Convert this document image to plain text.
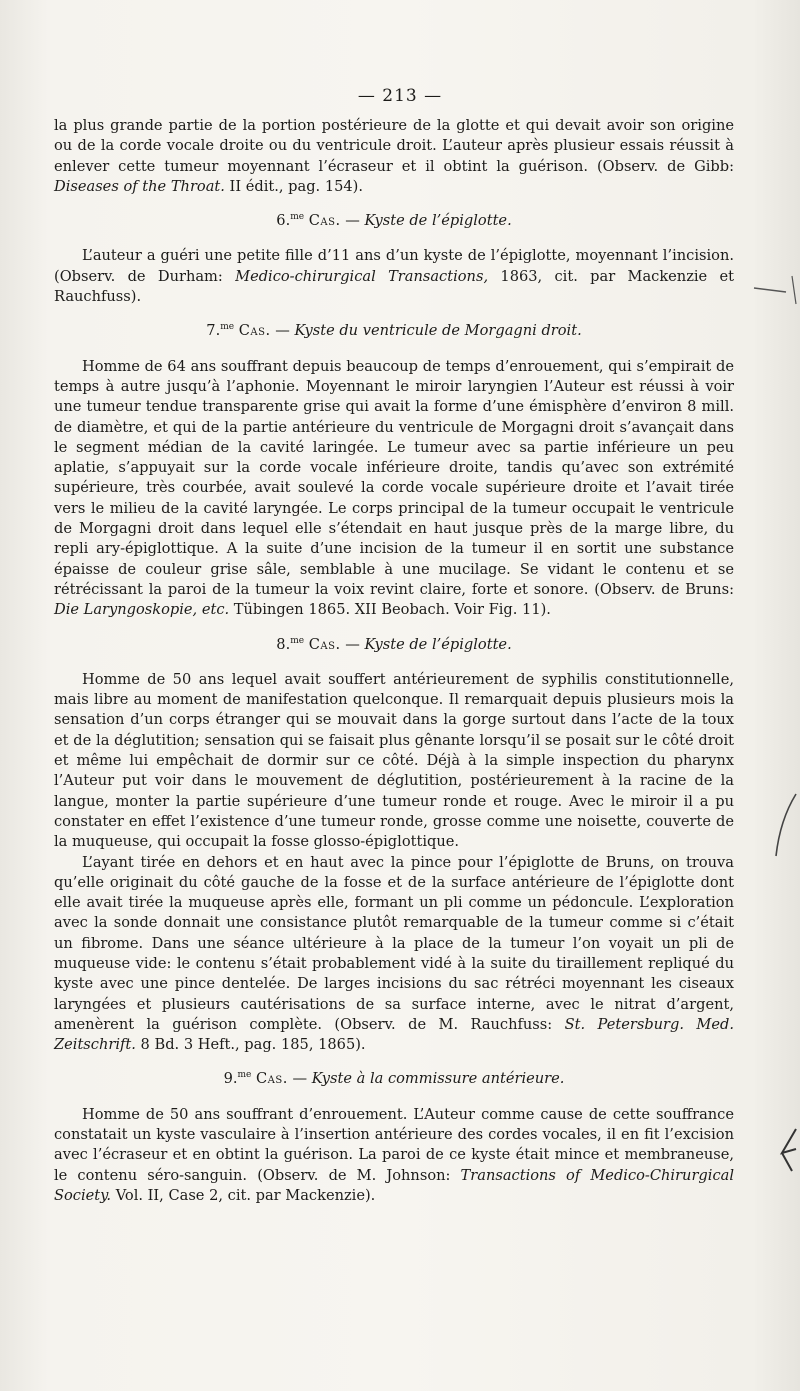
— 213 —

la plus grande partie de la portion postérieure de la glotte et qui devait avoir son origine ou de la corde vocale droite ou du ventricule droit. L’auteur après plusieur essais réussit à enlever cette tumeur moyennant l’écraseur et il obtint la guérison. (Observ. de Gibb: Diseases of the Throat. II édit., pag. 154).

6.$^{me}$ Cas. — Kyste de l’épiglotte.

L’auteur a guéri une petite fille d’11 ans d’un kyste de l’épiglotte, moyennant l’incision. (Observ. de Durham: Medico-chirurgical Transactions, 1863, cit. par Mackenzie et Rauchfuss).

7.$^{me}$ Cas. — Kyste du ventricule de Morgagni droit.

Homme de 64 ans souffrant depuis beaucoup de temps d’enrouement, qui s’empirait de temps à autre jusqu’à l’aphonie. Moyennant le miroir laryngien l’Auteur est réussi à voir une tumeur tendue transparente grise qui avait la forme d’une émisphère d’environ 8 mill. de diamètre, et qui de la partie antérieure du ventricule de Morgagni droit s’avançait dans le segment médian de la cavité laringée. Le tumeur avec sa partie inférieure un peu aplatie, s’appuyait sur la corde vocale inférieure droite, tandis qu’avec son extrémité supérieure, très courbée, avait soulevé la corde vocale supérieure droite et l’avait tirée vers le milieu de la cavité laryngée. Le corps principal de la tumeur occupait le ventricule de Morgagni droit dans lequel elle s’étendait en haut jusque près de la marge libre, du repli ary-épiglottique. A la suite d’une incision de la tumeur il en sortit une substance épaisse de couleur grise sâle, semblable à une mucilage. Se vidant le contenu et se rétrécissant la paroi de la tumeur la voix revint claire, forte et sonore. (Observ. de Bruns: Die Laryngoskopie, etc. Tübingen 1865. XII Beobach. Voir Fig. 11).

8.$^{me}$ Cas. — Kyste de l’épiglotte.

Homme de 50 ans lequel avait souffert antérieurement de syphilis constitutionnelle, mais libre au moment de manifestation quelconque. Il remarquait depuis plusieurs mois la sensation d’un corps étranger qui se mouvait dans la gorge surtout dans l’acte de la toux et de la déglutition; sensation qui se faisait plus gênante lorsqu’il se posait sur le côté droit et même lui empêchait de dormir sur ce côté. Déjà à la simple inspection du pharynx l’Auteur put voir dans le mouvement de déglutition, postérieurement à la racine de la langue, monter la partie supérieure d’une tumeur ronde et rouge. Avec le miroir il a pu constater en effet l’existence d’une tumeur ronde, grosse comme une noisette, couverte de la muqueuse, qui occupait la fosse glosso-épiglottique.

L’ayant tirée en dehors et en haut avec la pince pour l’épiglotte de Bruns, on trouva qu’elle originait du côté gauche de la fosse et de la surface antérieure de l’épiglotte dont elle avait tirée la muqueuse après elle, formant un pli comme un pédoncule. L’exploration avec la sonde donnait une consistance plutôt remarquable de la tumeur comme si c’était un fibrome. Dans une séance ultérieure à la place de la tumeur l’on voyait un pli de muqueuse vide: le contenu s’était probablement vidé à la suite du tiraillement repliqué du kyste avec une pince dentelée. De larges incisions du sac rétréci moyennant les ciseaux laryngées et plusieurs cautérisations de sa surface interne, avec le nitrat d’argent, amenèrent la guérison complète. (Observ. de M. Rauchfuss: St. Petersburg. Med. Zeitschrift. 8 Bd. 3 Heft., pag. 185, 1865).

9.$^{me}$ Cas. — Kyste à la commissure antérieure.

Homme de 50 ans souffrant d’enrouement. L’Auteur comme cause de cette souffrance constatait un kyste vasculaire à l’insertion antérieure des cordes vocales, il en fit l’excision avec l’écraseur et en obtint la guérison. La paroi de ce kyste était mince et membraneuse, le contenu séro-sanguin. (Observ. de M. Johnson: Transactions of Medico-Chirurgical Society. Vol. II, Case 2, cit. par Mackenzie).
